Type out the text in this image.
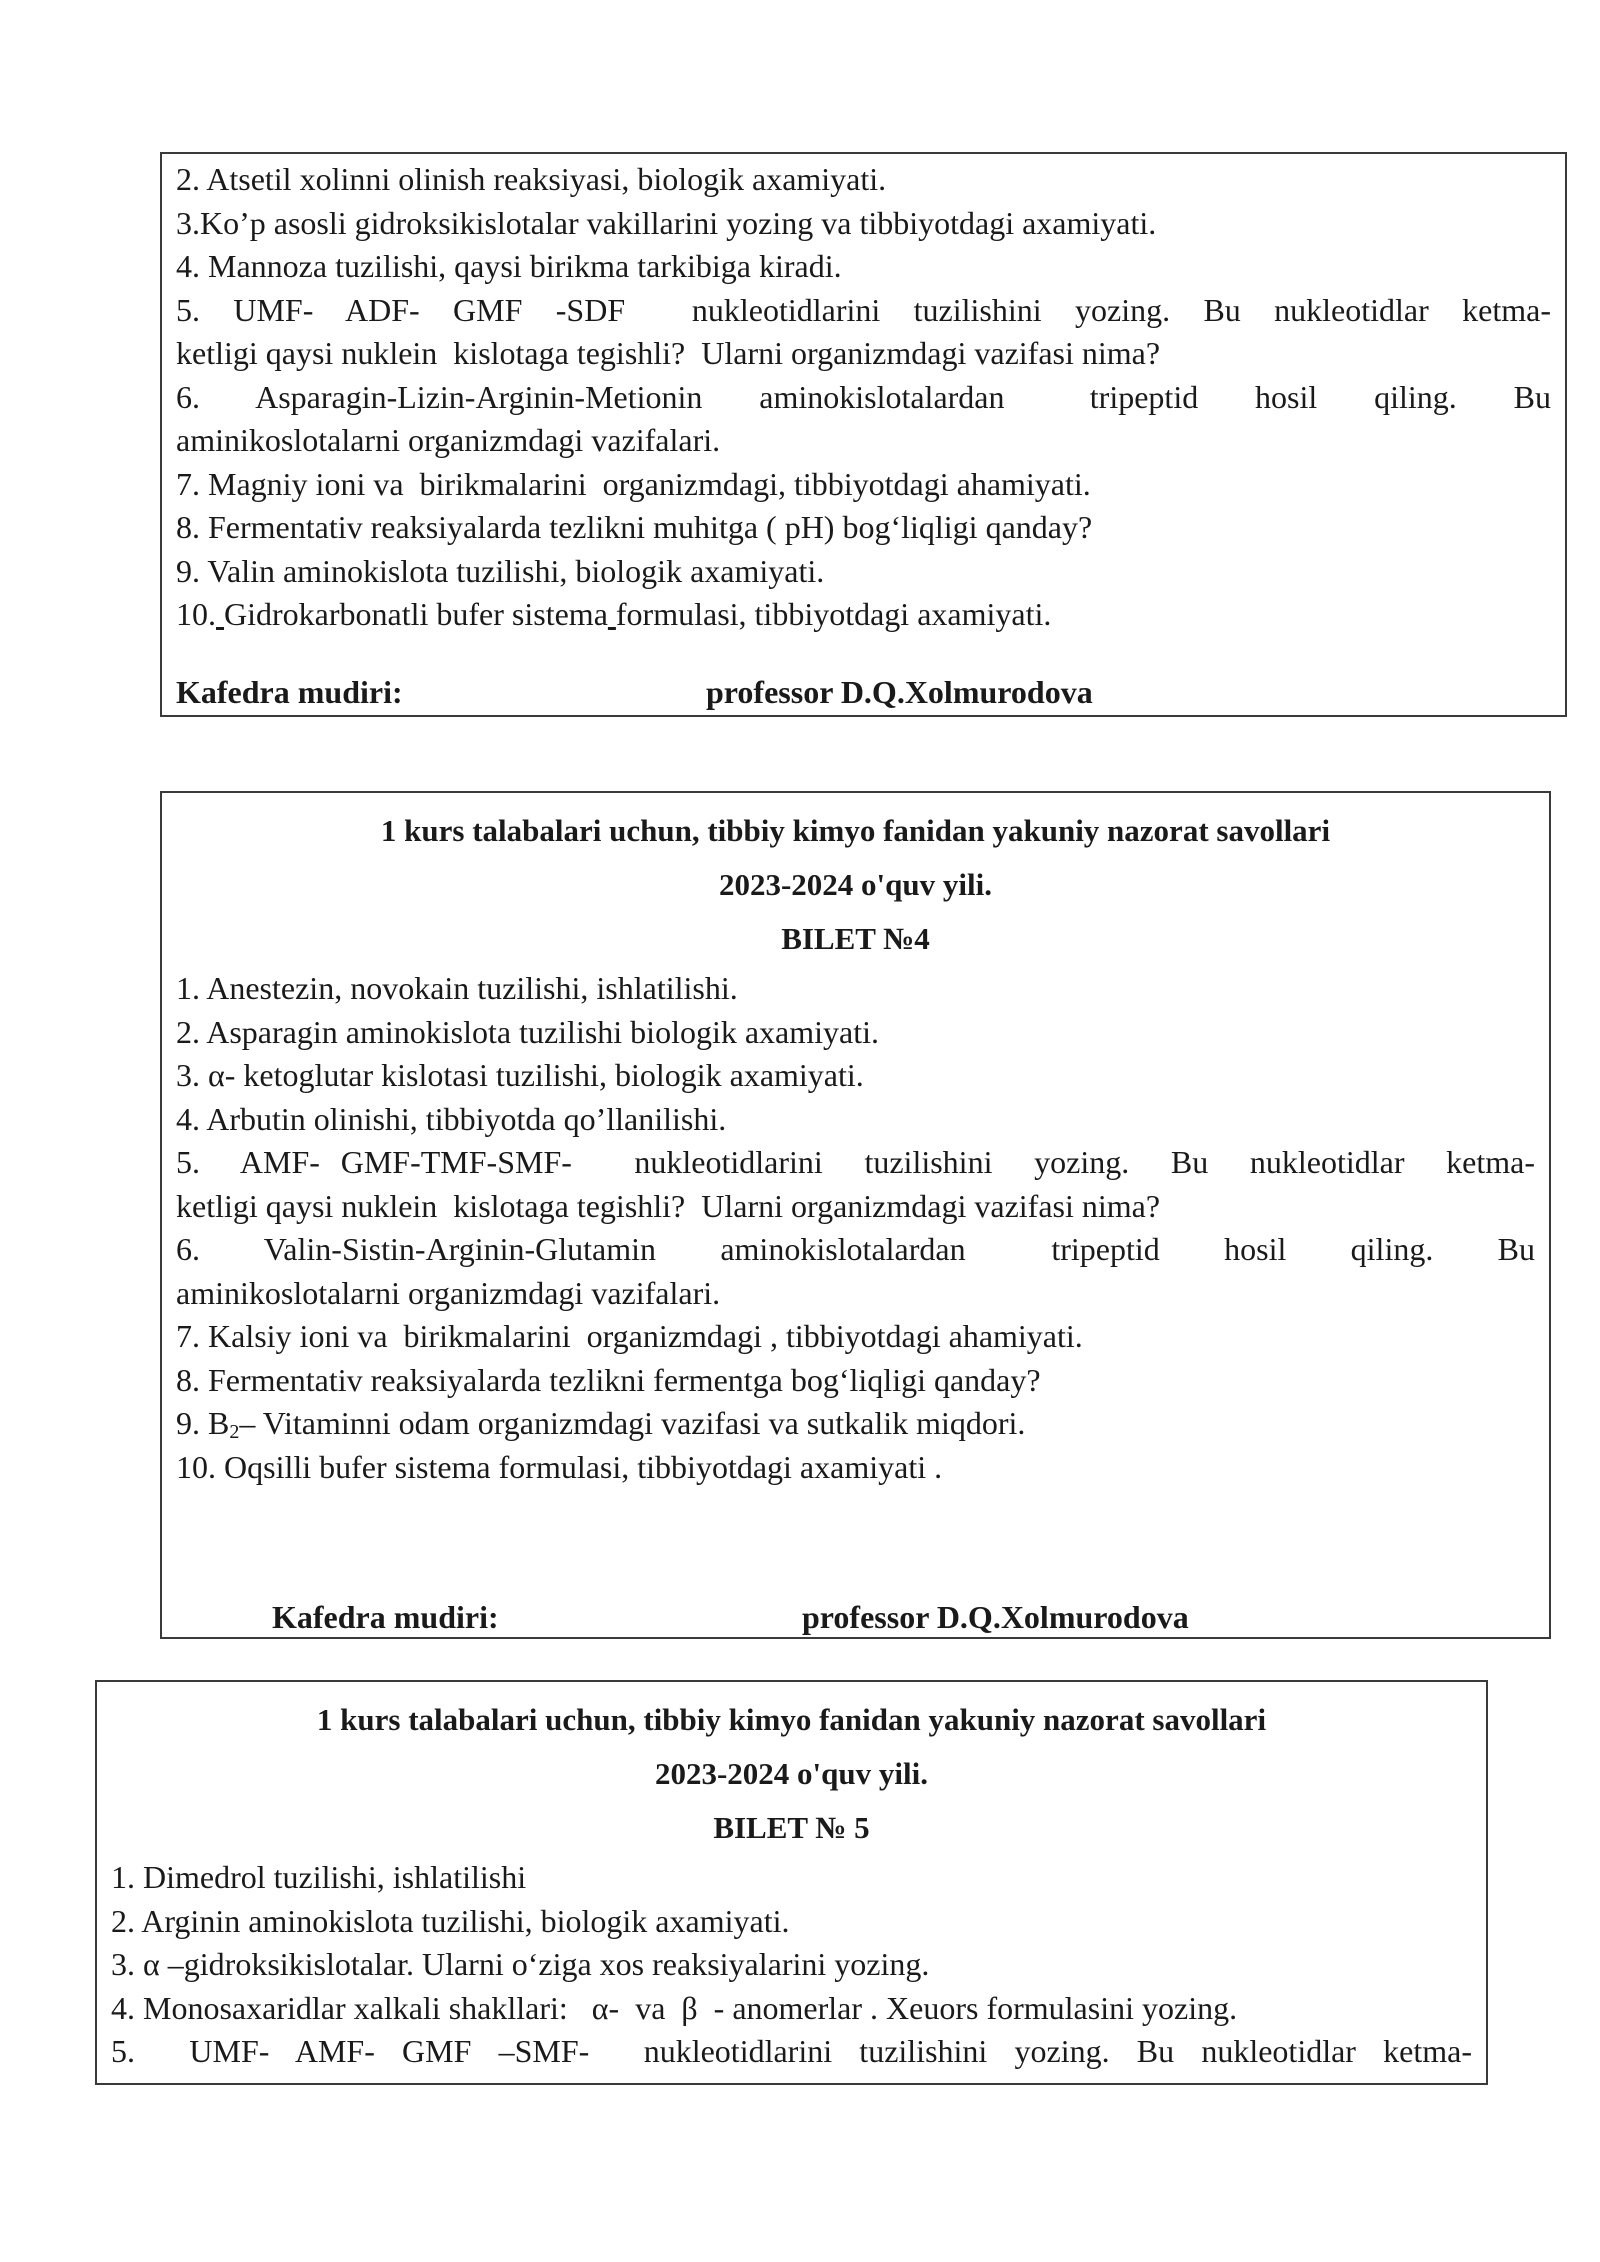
2. Atsetil xolinni olinish reaksiyasi, biologik axamiyati.

3.Ko’p asosli gidroksikislotalar vakillarini yozing va tibbiyotdagi axamiyati.

4. Mannoza tuzilishi, qaysi birikma tarkibiga kiradi.

5. UMF- ADF- GMF -SDF  nukleotidlarini tuzilishini yozing. Bu nukleotidlar ketma-

ketligi qaysi nuklein  kislotaga tegishli?  Ularni organizmdagi vazifasi nima?

6.  Asparagin-Lizin-Arginin-Metionin  aminokislotalardan   tripeptid  hosil  qiling.  Bu

aminikoslotalarni organizmdagi vazifalari.

7. Magniy ioni va  birikmalarini  organizmdagi, tibbiyotdagi ahamiyati.

8. Fermentativ reaksiyalarda tezlikni muhitga ( pH) bog‘liqligi qanday?

9. Valin aminokislota tuzilishi, biologik axamiyati.

10. Gidrokarbonatli bufer sistema formulasi, tibbiyotdagi axamiyati.

Kafedra mudiri:	professor D.Q.Xolmurodova

1 kurs talabalari uchun, tibbiy kimyo fanidan yakuniy nazorat savollari

2023-2024 o'quv yili.

BILET №4

1. Anestezin, novokain tuzilishi, ishlatilishi.

2. Asparagin aminokislota tuzilishi biologik axamiyati.

3. α- ketoglutar kislotasi tuzilishi, biologik axamiyati.

4. Arbutin olinishi, tibbiyotda qo’llanilishi.

5.  AMF- GMF-TMF-SMF-   nukleotidlarini  tuzilishini  yozing.  Bu  nukleotidlar  ketma-

ketligi qaysi nuklein  kislotaga tegishli?  Ularni organizmdagi vazifasi nima?

6.   Valin-Sistin-Arginin-Glutamin   aminokislotalardan    tripeptid   hosil   qiling.   Bu

aminikoslotalarni organizmdagi vazifalari.

7. Kalsiy ioni va  birikmalarini  organizmdagi , tibbiyotdagi ahamiyati.

8. Fermentativ reaksiyalarda tezlikni fermentga bog‘liqligi qanday?

9. $B_2-$ Vitaminni odam organizmdagi vazifasi va sutkalik miqdori.

10. Oqsilli bufer sistema formulasi, tibbiyotdagi axamiyati .

Kafedra mudiri:	professor D.Q.Xolmurodova

1 kurs talabalari uchun, tibbiy kimyo fanidan yakuniy nazorat savollari

2023-2024 o'quv yili.

BILET № 5

1. Dimedrol tuzilishi, ishlatilishi

2. Arginin aminokislota tuzilishi, biologik axamiyati.

3. α –gidroksikislotalar. Ularni o‘ziga xos reaksiyalarini yozing.

4. Monosaxaridlar xalkali shakllari:   α-  va  β  - anomerlar . Xeuors formulasini yozing.

5.  UMF- AMF- GMF –SMF-  nukleotidlarini tuzilishini yozing. Bu nukleotidlar ketma-
